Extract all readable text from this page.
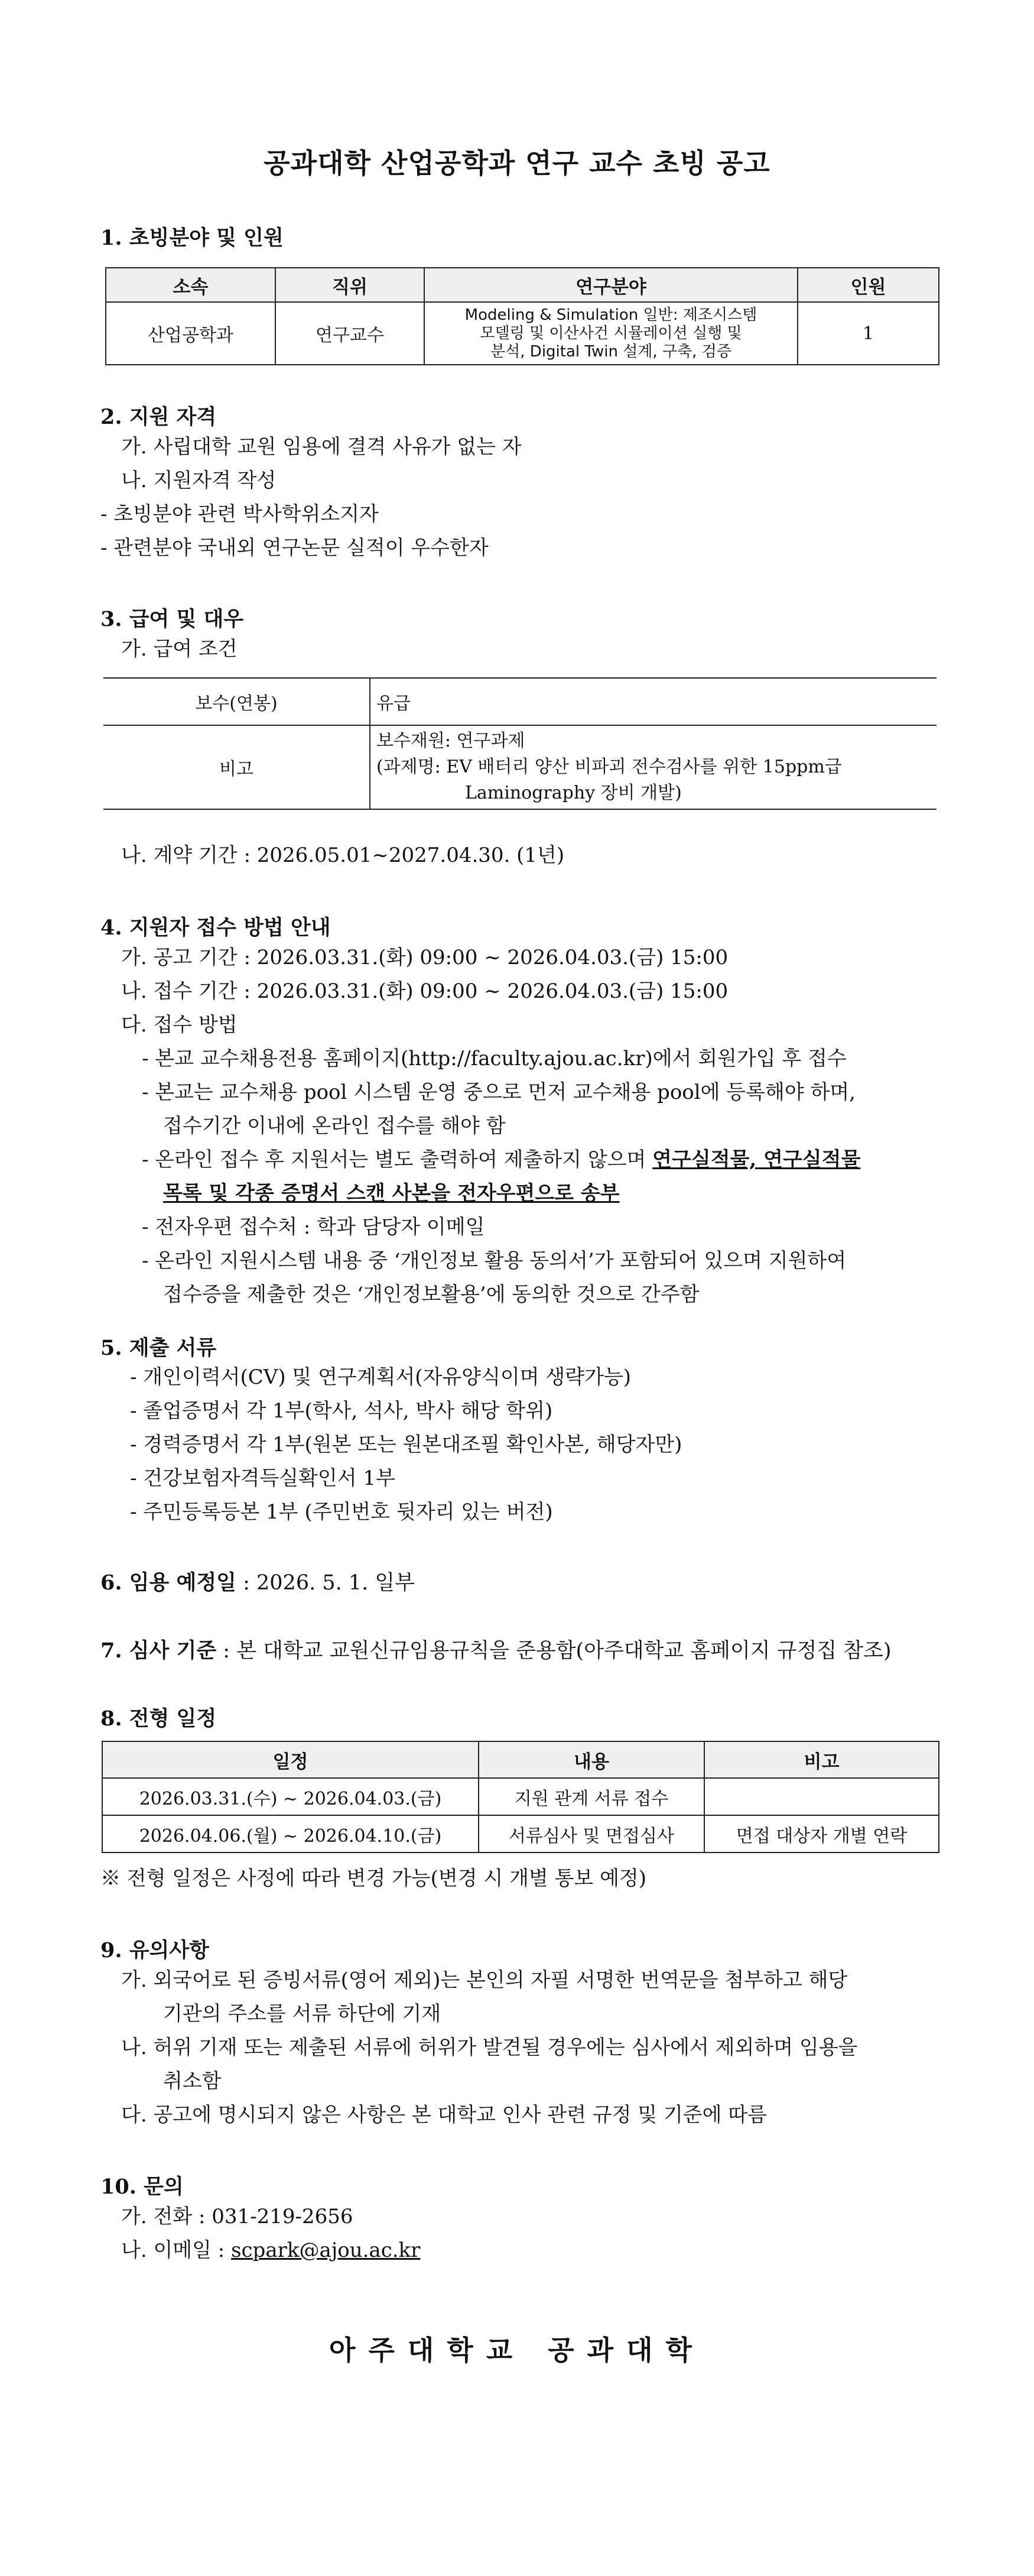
공과대학 산업공학과 연구 교수 초빙 공고
1. 초빙분야 및 인원
소속	직위	연구분야	인원
산업공학과	연구교수	Modeling & Simulation 일반: 제조시스템
모델링 및 이산사건 시뮬레이션 실행 및
분석, Digital Twin 설계, 구축, 검증	1
2. 지원 자격
가. 사립대학 교원 임용에 결격 사유가 없는 자
나. 지원자격 작성
- 초빙분야 관련 박사학위소지자
- 관련분야 국내외 연구논문 실적이 우수한자
3. 급여 및 대우
가. 급여 조건
보수(연봉)	유급
비고	보수재원: 연구과제
(과제명: EV 배터리 양산 비파괴 전수검사를 위한 15ppm급
Laminography 장비 개발)
나. 계약 기간 : 2026.05.01~2027.04.30. (1년)
4. 지원자 접수 방법 안내
가. 공고 기간 : 2026.03.31.(화) 09:00 ~ 2026.04.03.(금) 15:00
나. 접수 기간 : 2026.03.31.(화) 09:00 ~ 2026.04.03.(금) 15:00
다. 접수 방법
- 본교 교수채용전용 홈페이지(http://faculty.ajou.ac.kr)에서 회원가입 후 접수
- 본교는 교수채용 pool 시스템 운영 중으로 먼저 교수채용 pool에 등록해야 하며,
접수기간 이내에 온라인 접수를 해야 함
- 온라인 접수 후 지원서는 별도 출력하여 제출하지 않으며 연구실적물, 연구실적물
목록 및 각종 증명서 스캔 사본을 전자우편으로 송부
- 전자우편 접수처 : 학과 담당자 이메일
- 온라인 지원시스템 내용 중 ‘개인정보 활용 동의서’가 포함되어 있으며 지원하여
접수증을 제출한 것은 ‘개인정보활용’에 동의한 것으로 간주함
5. 제출 서류
- 개인이력서(CV) 및 연구계획서(자유양식이며 생략가능)
- 졸업증명서 각 1부(학사, 석사, 박사 해당 학위)
- 경력증명서 각 1부(원본 또는 원본대조필 확인사본, 해당자만)
- 건강보험자격득실확인서 1부
- 주민등록등본 1부 (주민번호 뒷자리 있는 버전)
6. 임용 예정일 : 2026. 5. 1. 일부
7. 심사 기준 : 본 대학교 교원신규임용규칙을 준용함(아주대학교 홈페이지 규정집 참조)
8. 전형 일정
일정	내용	비고
2026.03.31.(수) ~ 2026.04.03.(금)	지원 관계 서류 접수	
2026.04.06.(월) ~ 2026.04.10.(금)	서류심사 및 면접심사	면접 대상자 개별 연락
※ 전형 일정은 사정에 따라 변경 가능(변경 시 개별 통보 예정)
9. 유의사항
가. 외국어로 된 증빙서류(영어 제외)는 본인의 자필 서명한 번역문을 첨부하고 해당
기관의 주소를 서류 하단에 기재
나. 허위 기재 또는 제출된 서류에 허위가 발견될 경우에는 심사에서 제외하며 임용을
취소함
다. 공고에 명시되지 않은 사항은 본 대학교 인사 관련 규정 및 기준에 따름
10. 문의
가. 전화 : 031-219-2656
나. 이메일 : scpark@ajou.ac.kr
아주대학교 공과대학
